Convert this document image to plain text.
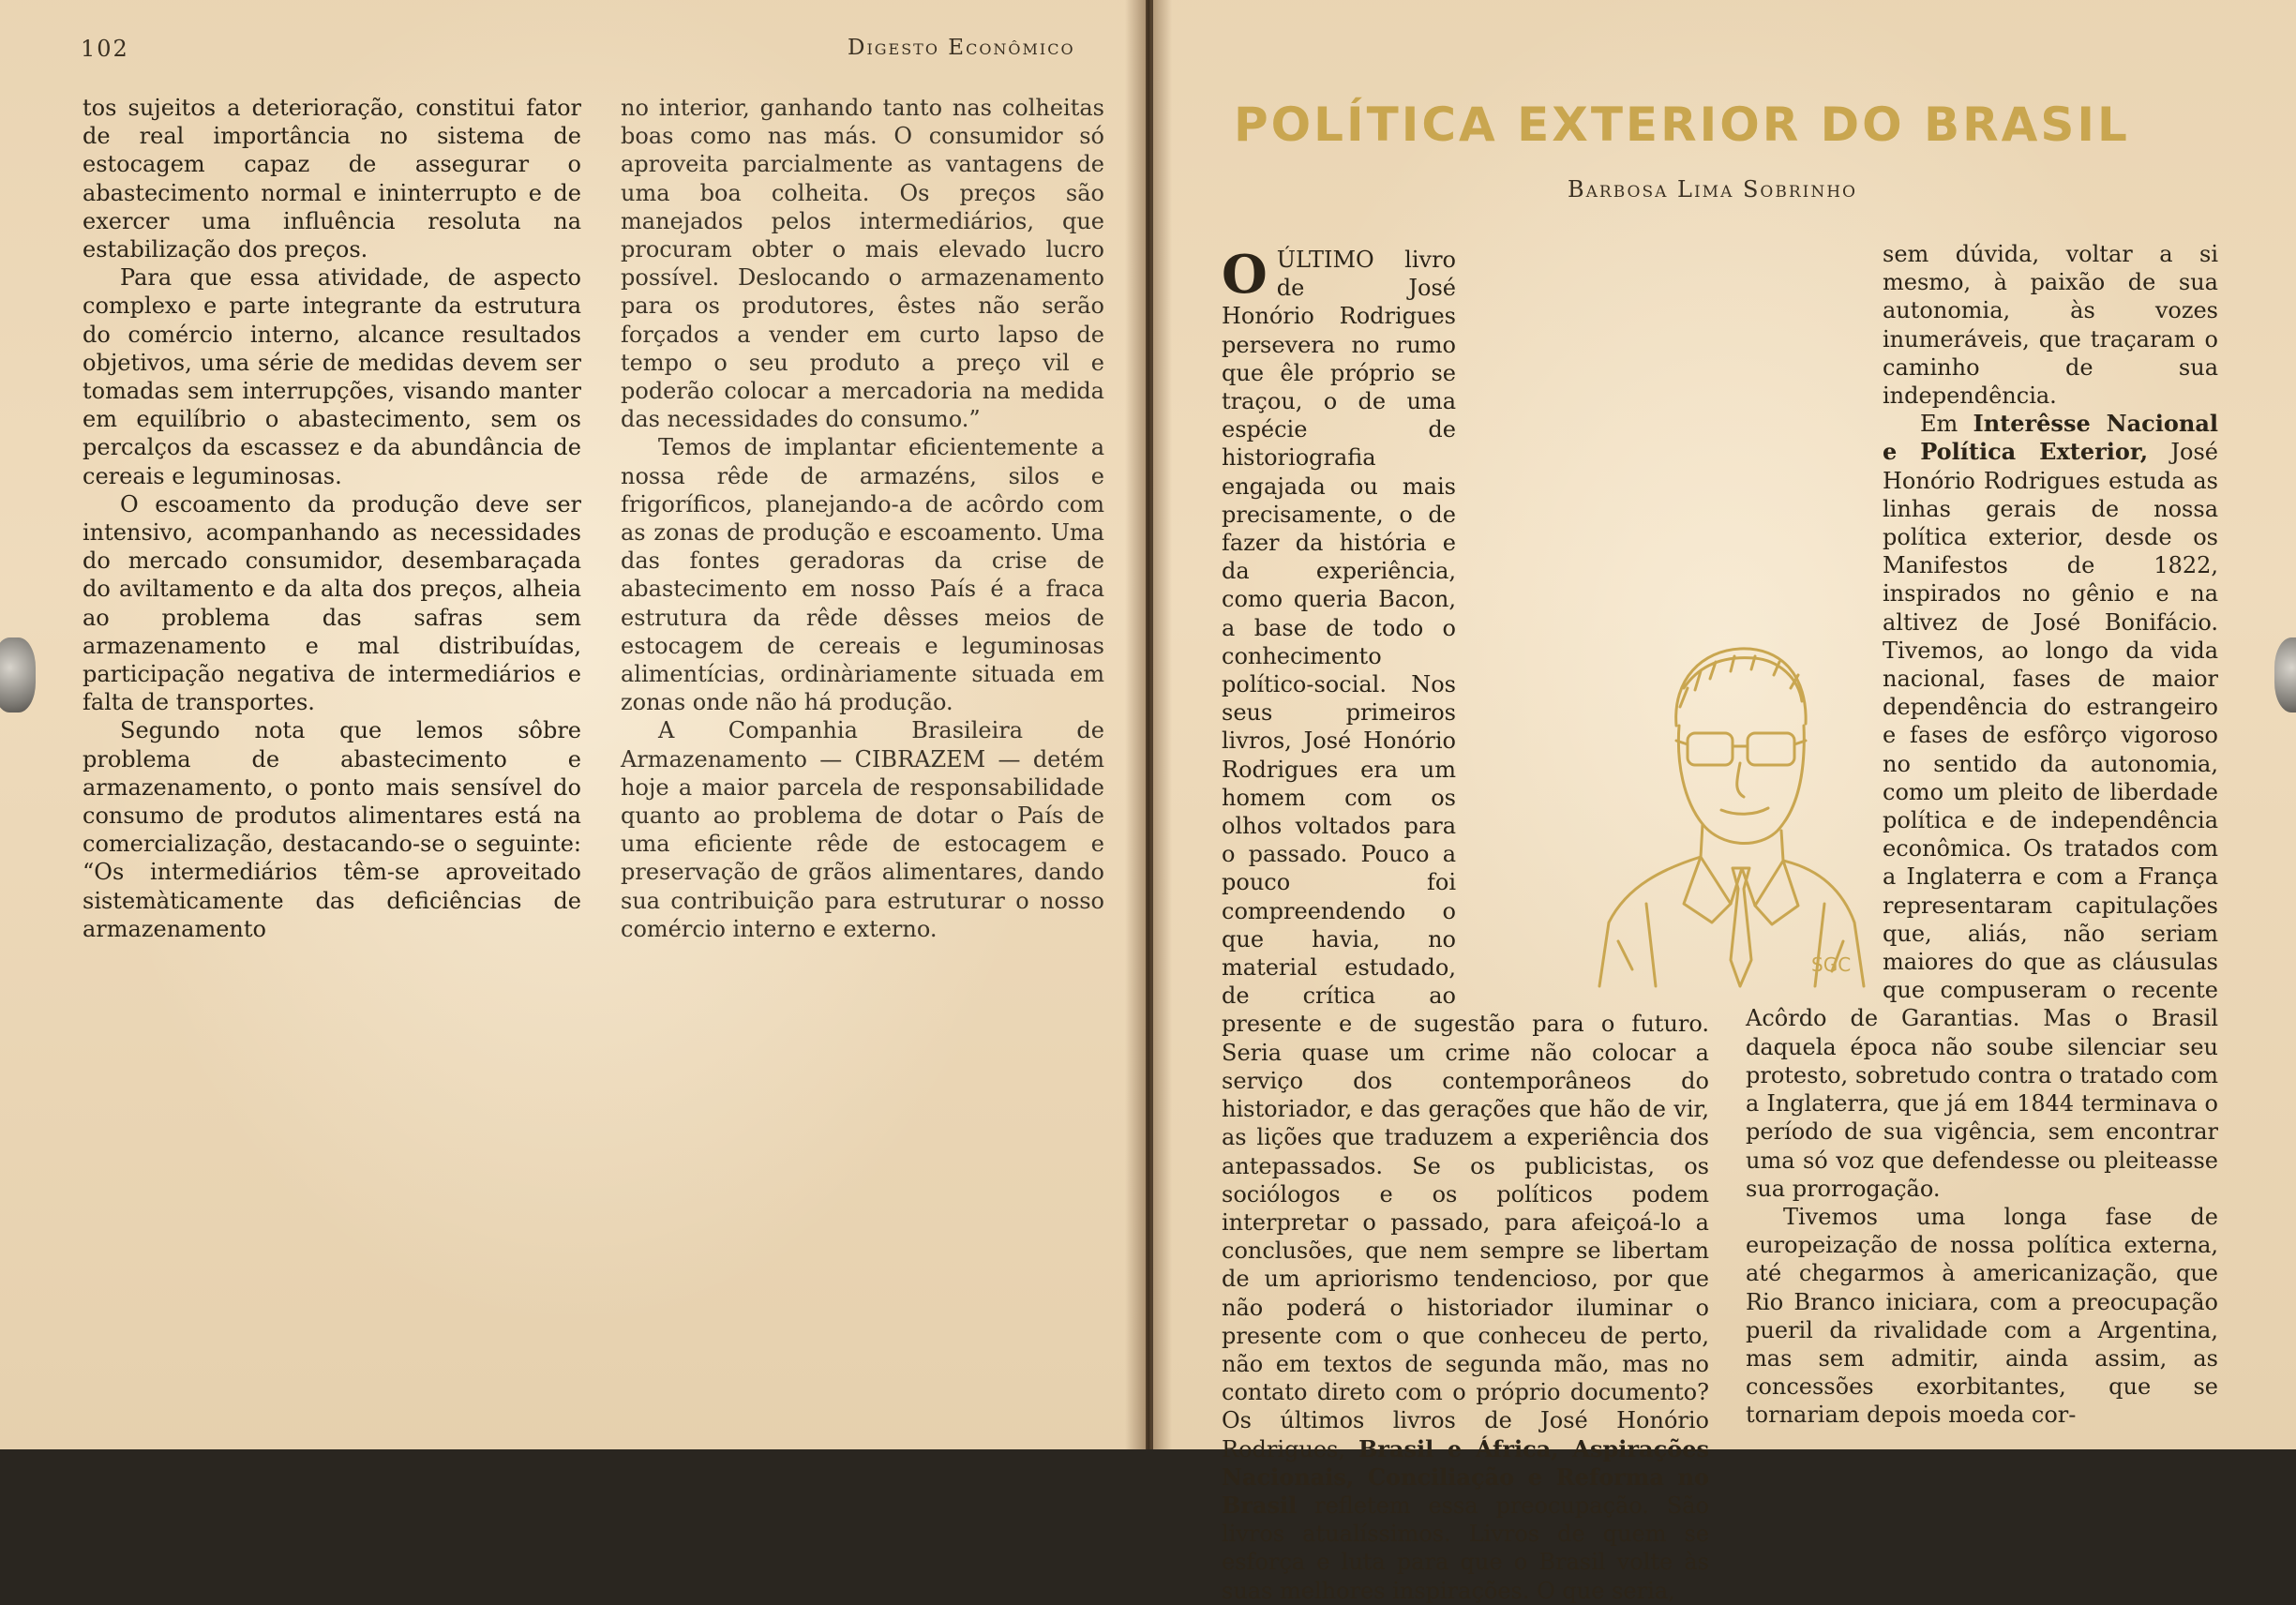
102	Digesto Econômico

tos sujeitos a deterioração, constitui fator de real importância no sistema de estocagem capaz de assegurar o abastecimento normal e ininterrupto e de exercer uma influência resoluta na estabilização dos preços.

Para que essa atividade, de aspecto complexo e parte integrante da estrutura do comércio interno, alcance resultados objetivos, uma série de medidas devem ser tomadas sem interrupções, visando manter em equilíbrio o abastecimento, sem os percalços da escassez e da abundância de cereais e leguminosas.

O escoamento da produção deve ser intensivo, acompanhando as necessidades do mercado consumidor, desembaraçada do aviltamento e da alta dos preços, alheia ao problema das safras sem armazenamento e mal distribuídas, participação negativa de intermediários e falta de transportes.

Segundo nota que lemos sôbre problema de abastecimento e armazenamento, o ponto mais sensível do consumo de produtos alimentares está na comercialização, destacando-se o seguinte: “Os intermediários têm-se aproveitado sistemàticamente das deficiências de armazenamento

no interior, ganhando tanto nas colheitas boas como nas más. O consumidor só aproveita parcialmente as vantagens de uma boa colheita. Os preços são manejados pelos intermediários, que procuram obter o mais elevado lucro possível. Deslocando o armazenamento para os produtores, êstes não serão forçados a vender em curto lapso de tempo o seu produto a preço vil e poderão colocar a mercadoria na medida das necessidades do consumo.”

Temos de implantar eficientemente a nossa rêde de armazéns, silos e frigoríficos, planejando-a de acôrdo com as zonas de produção e escoamento. Uma das fontes geradoras da crise de abastecimento em nosso País é a fraca estrutura da rêde dêsses meios de estocagem de cereais e leguminosas alimentícias, ordinàriamente situada em zonas onde não há produção.

A Companhia Brasileira de Armazenamento — CIBRAZEM — detém hoje a maior parcela de responsabilidade quanto ao problema de dotar o País de uma eficiente rêde de estocagem e preservação de grãos alimentares, dando sua contribuição para estruturar o nosso comércio interno e externo.

POLÍTICA EXTERIOR DO BRASIL
Barbosa Lima Sobrinho

OÚLTIMO livro de José Honório Rodrigues persevera no rumo que êle próprio se traçou, o de uma espécie de historiografia engajada ou mais precisamente, o de fazer da história e da experiência, como queria Bacon, a base de todo o conhecimento político-social. Nos seus primeiros livros, José Honório Rodrigues era um homem com os olhos voltados para o passado. Pouco a pouco foi compreendendo o que havia, no material estudado, de crítica ao presente e de sugestão para o futuro. Seria quase um crime não colocar a serviço dos contemporâneos do historiador, e das gerações que hão de vir, as lições que traduzem a experiência dos antepassados. Se os publicistas, os sociólogos e os políticos podem interpretar o passado, para afeiçoá-lo a conclusões, que nem sempre se libertam de um apriorismo tendencioso, por que não poderá o historiador iluminar o presente com o que conheceu de perto, não em textos de segunda mão, mas no contato direto com o próprio documento? Os últimos livros de José Honório Rodrigues, Brasil e África, Aspirações Nacionais, Conciliação e Reforma no Brasil refletem essa preocupação. São livros atualíssimos. Livros de quem se esforça e luta para que o Brasil volte às suas melhores inspirações. O que seria,

sem dúvida, voltar a si mesmo, à paixão de sua autonomia, às vozes inumeráveis, que traçaram o caminho de sua independência.

Em Interêsse Nacional e Política Exterior, José Honório Rodrigues estuda as linhas gerais de nossa política exterior, desde os Manifestos de 1822, inspirados no gênio e na altivez de José Bonifácio. Tivemos, ao longo da vida nacional, fases de maior dependência do estrangeiro e fases de esfôrço vigoroso no sentido da autonomia, como um pleito de liberdade política e de independência econômica. Os tratados com a Inglaterra e com a França representaram capitulações que, aliás, não seriam maiores do que as cláusulas que compuseram o recente Acôrdo de Garantias. Mas o Brasil daquela época não soube silenciar seu protesto, sobretudo contra o tratado com a Inglaterra, que já em 1844 terminava o período de sua vigência, sem encontrar uma só voz que defendesse ou pleiteasse sua prorrogação.

Tivemos uma longa fase de europeização de nossa política externa, até chegarmos à americanização, que Rio Branco iniciara, com a preocupação pueril da rivalidade com a Argentina, mas sem admitir, ainda assim, as concessões exorbitantes, que se tornariam depois moeda cor-

SGC
